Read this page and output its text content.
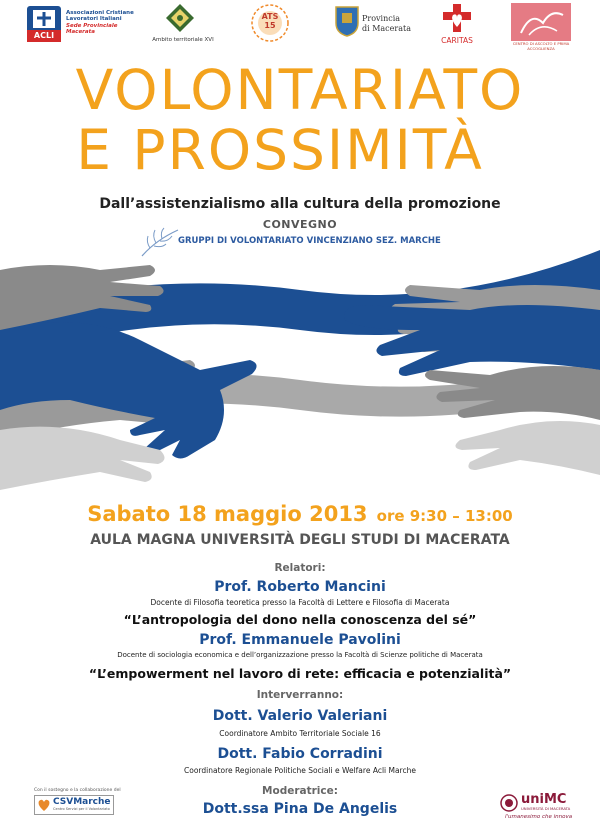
ACLI
Associazioni Cristiane
Lavoratori Italiani
Sede Provinciale Macerata
Ambito territoriale XVI
ATS
15
Provincia
di Macerata
CARITAS	CENTRO DI ASCOLTO E PRIMA ACCOGLIENZA
VOLONTARIATO
E PROSSIMITÀ
Dall’assistenzialismo alla cultura della promozione
CONVEGNO
GRUPPI DI VOLONTARIATO VINCENZIANO SEZ. MARCHE
Sabato 18 maggio 2013 ore 9:30 – 13:00
AULA MAGNA UNIVERSITÀ DEGLI STUDI DI MACERATA
Relatori:
Prof. Roberto Mancini
Docente di Filosofia teoretica presso la Facoltà di Lettere e Filosofia di Macerata
“L’antropologia del dono nella conoscenza del sé”
Prof. Emmanuele Pavolini
Docente di sociologia economica e dell’organizzazione presso la Facoltà di Scienze politiche di Macerata
“L’empowerment nel lavoro di rete: efficacia e potenzialità”
Interverranno:
Dott. Valerio Valeriani
Coordinatore Ambito Territoriale Sociale 16
Dott. Fabio Corradini
Coordinatore Regionale Politiche Sociali e Welfare Acli Marche
Moderatrice:
Dott.ssa Pina De Angelis
Con il sostegno e la collaborazione del
CSVMarche
Centro Servizi per il Volontariato
uniMC
UNIVERSITÀ DI MACERATA
l'umanesimo che innova
